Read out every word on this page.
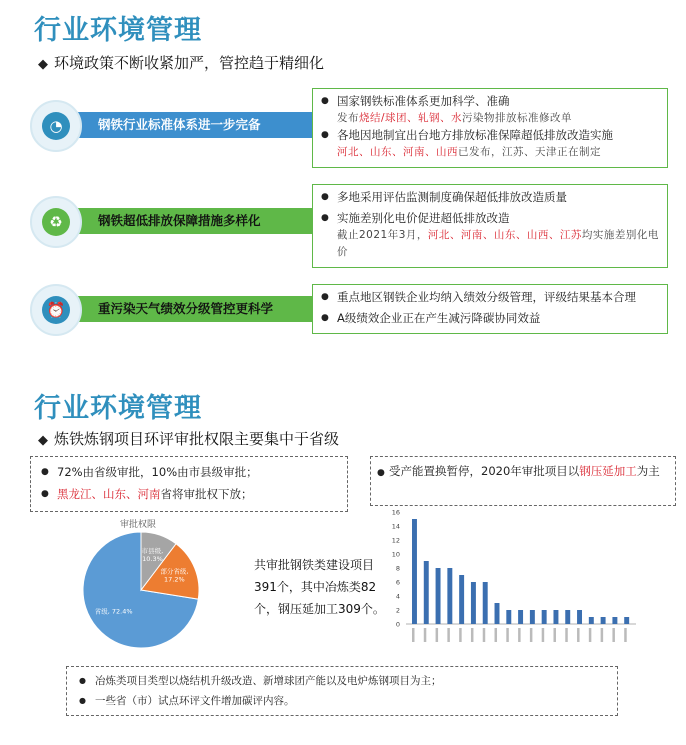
行业环境管理
◆ 环境政策不断收紧加严，管控趋于精细化
钢铁行业标准体系进一步完备
◔
● 国家钢铁标准体系更加科学、准确
发布烧结/球团、轧钢、水污染物排放标准修改单
● 各地因地制宜出台地方排放标准保障超低排放改造实施
河北、山东、河南、山西已发布，江苏、天津正在制定
钢铁超低排放保障措施多样化
♻
● 多地采用评估监测制度确保超低排放改造质量
● 实施差别化电价促进超低排放改造
截止2021年3月，河北、河南、山东、山西、江苏均实施差别化电价
重污染天气绩效分级管控更科学
⏰
● 重点地区钢铁企业均纳入绩效分级管理，评级结果基本合理
● A级绩效企业正在产生减污降碳协同效益
行业环境管理
◆ 炼铁炼钢项目环评审批权限主要集中于省级
● 72%由省级审批，10%由市县级审批；
● 黑龙江、山东、河南省将审批权下放；
● 受产能置换暂停，2020年审批项目以钢压延加工为主
审批权限
省级, 72.4%
部分省级, 17.2%
市县级, 10.3%	共审批钢铁类建设项目391个，其中冶炼类82个，钢压延加工309个。
0
2
4
6
8
10
12
14
16
● 冶炼类项目类型以烧结机升级改造、新增球团产能以及电炉炼钢项目为主；
● 一些省（市）试点环评文件增加碳评内容。
